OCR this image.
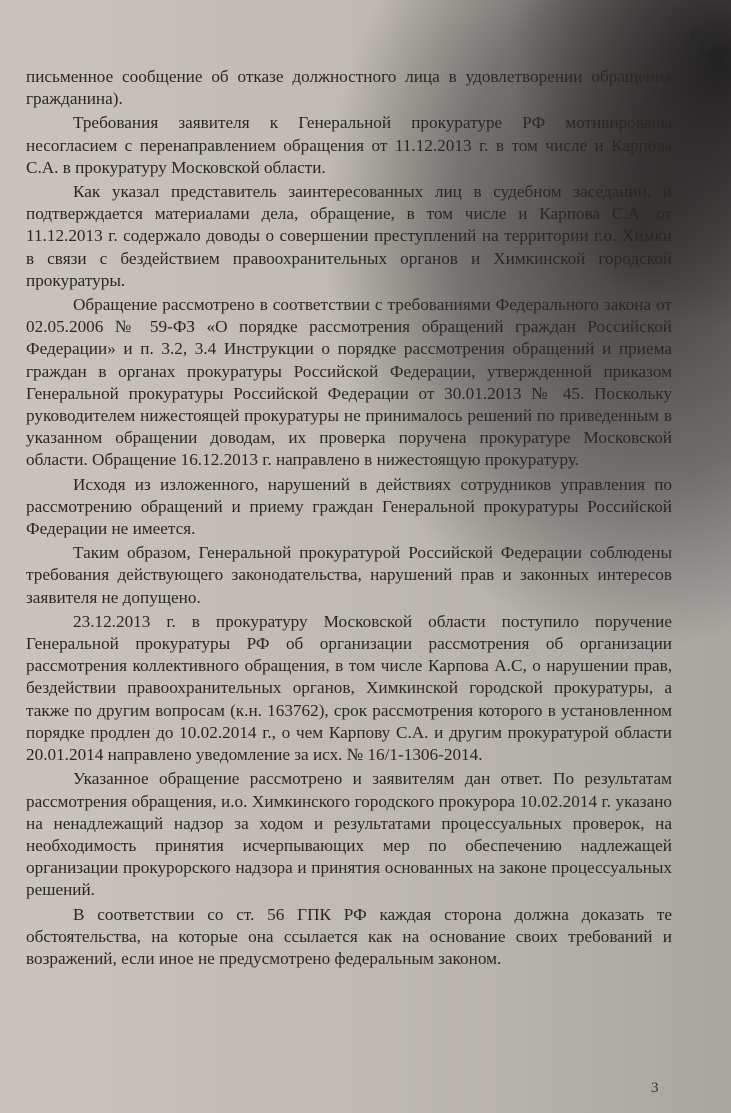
87

письменное сообщение об отказе должностного лица в удовлетворении обращения гражданина).

Требования заявителя к Генеральной прокуратуре РФ мотивированы несогласием с перенаправлением обращения от 11.12.2013 г. в том числе и Карпова С.А. в прокуратуру Московской области.

Как указал представитель заинтересованных лиц в судебном заседании, и подтверждается материалами дела, обращение, в том числе и Карпова С.А. от 11.12.2013 г. содержало доводы о совершении преступлений на территории г.о. Химки в связи с бездействием правоохранительных органов и Химкинской городской прокуратуры.

Обращение рассмотрено в соответствии с требованиями Федерального закона от 02.05.2006 № 59-ФЗ «О порядке рассмотрения обращений граждан Российской Федерации» и п. 3.2, 3.4 Инструкции о порядке рассмотрения обращений и приема граждан в органах прокуратуры Российской Федерации, утвержденной приказом Генеральной прокуратуры Российской Федерации от 30.01.2013 № 45. Поскольку руководителем нижестоящей прокуратуры не принималось решений по приведенным в указанном обращении доводам, их проверка поручена прокуратуре Московской области. Обращение 16.12.2013 г. направлено в нижестоящую прокуратуру.

Исходя из изложенного, нарушений в действиях сотрудников управления по рассмотрению обращений и приему граждан Генеральной прокуратуры Российской Федерации не имеется.

Таким образом, Генеральной прокуратурой Российской Федерации соблюдены требования действующего законодательства, нарушений прав и законных интересов заявителя не допущено.

23.12.2013 г. в прокуратуру Московской области поступило поручение Генеральной прокуратуры РФ об организации рассмотрения об организации рассмотрения коллективного обращения, в том числе Карпова А.С, о нарушении прав, бездействии правоохранительных органов, Химкинской городской прокуратуры, а также по другим вопросам (к.н. 163762), срок рассмотрения которого в установленном порядке продлен до 10.02.2014 г., о чем Карпову С.А. и другим прокуратурой области 20.01.2014 направлено уведомление за исх. № 16/1-1306-2014.

Указанное обращение рассмотрено и заявителям дан ответ. По результатам рассмотрения обращения, и.о. Химкинского городского прокурора 10.02.2014 г. указано на ненадлежащий надзор за ходом и результатами процессуальных проверок, на необходимость принятия исчерпывающих мер по обеспечению надлежащей организации прокурорского надзора и принятия основанных на законе процессуальных решений.

В соответствии со ст. 56 ГПК РФ каждая сторона должна доказать те обстоятельства, на которые она ссылается как на основание своих требований и возражений, если иное не предусмотрено федеральным законом.

3
